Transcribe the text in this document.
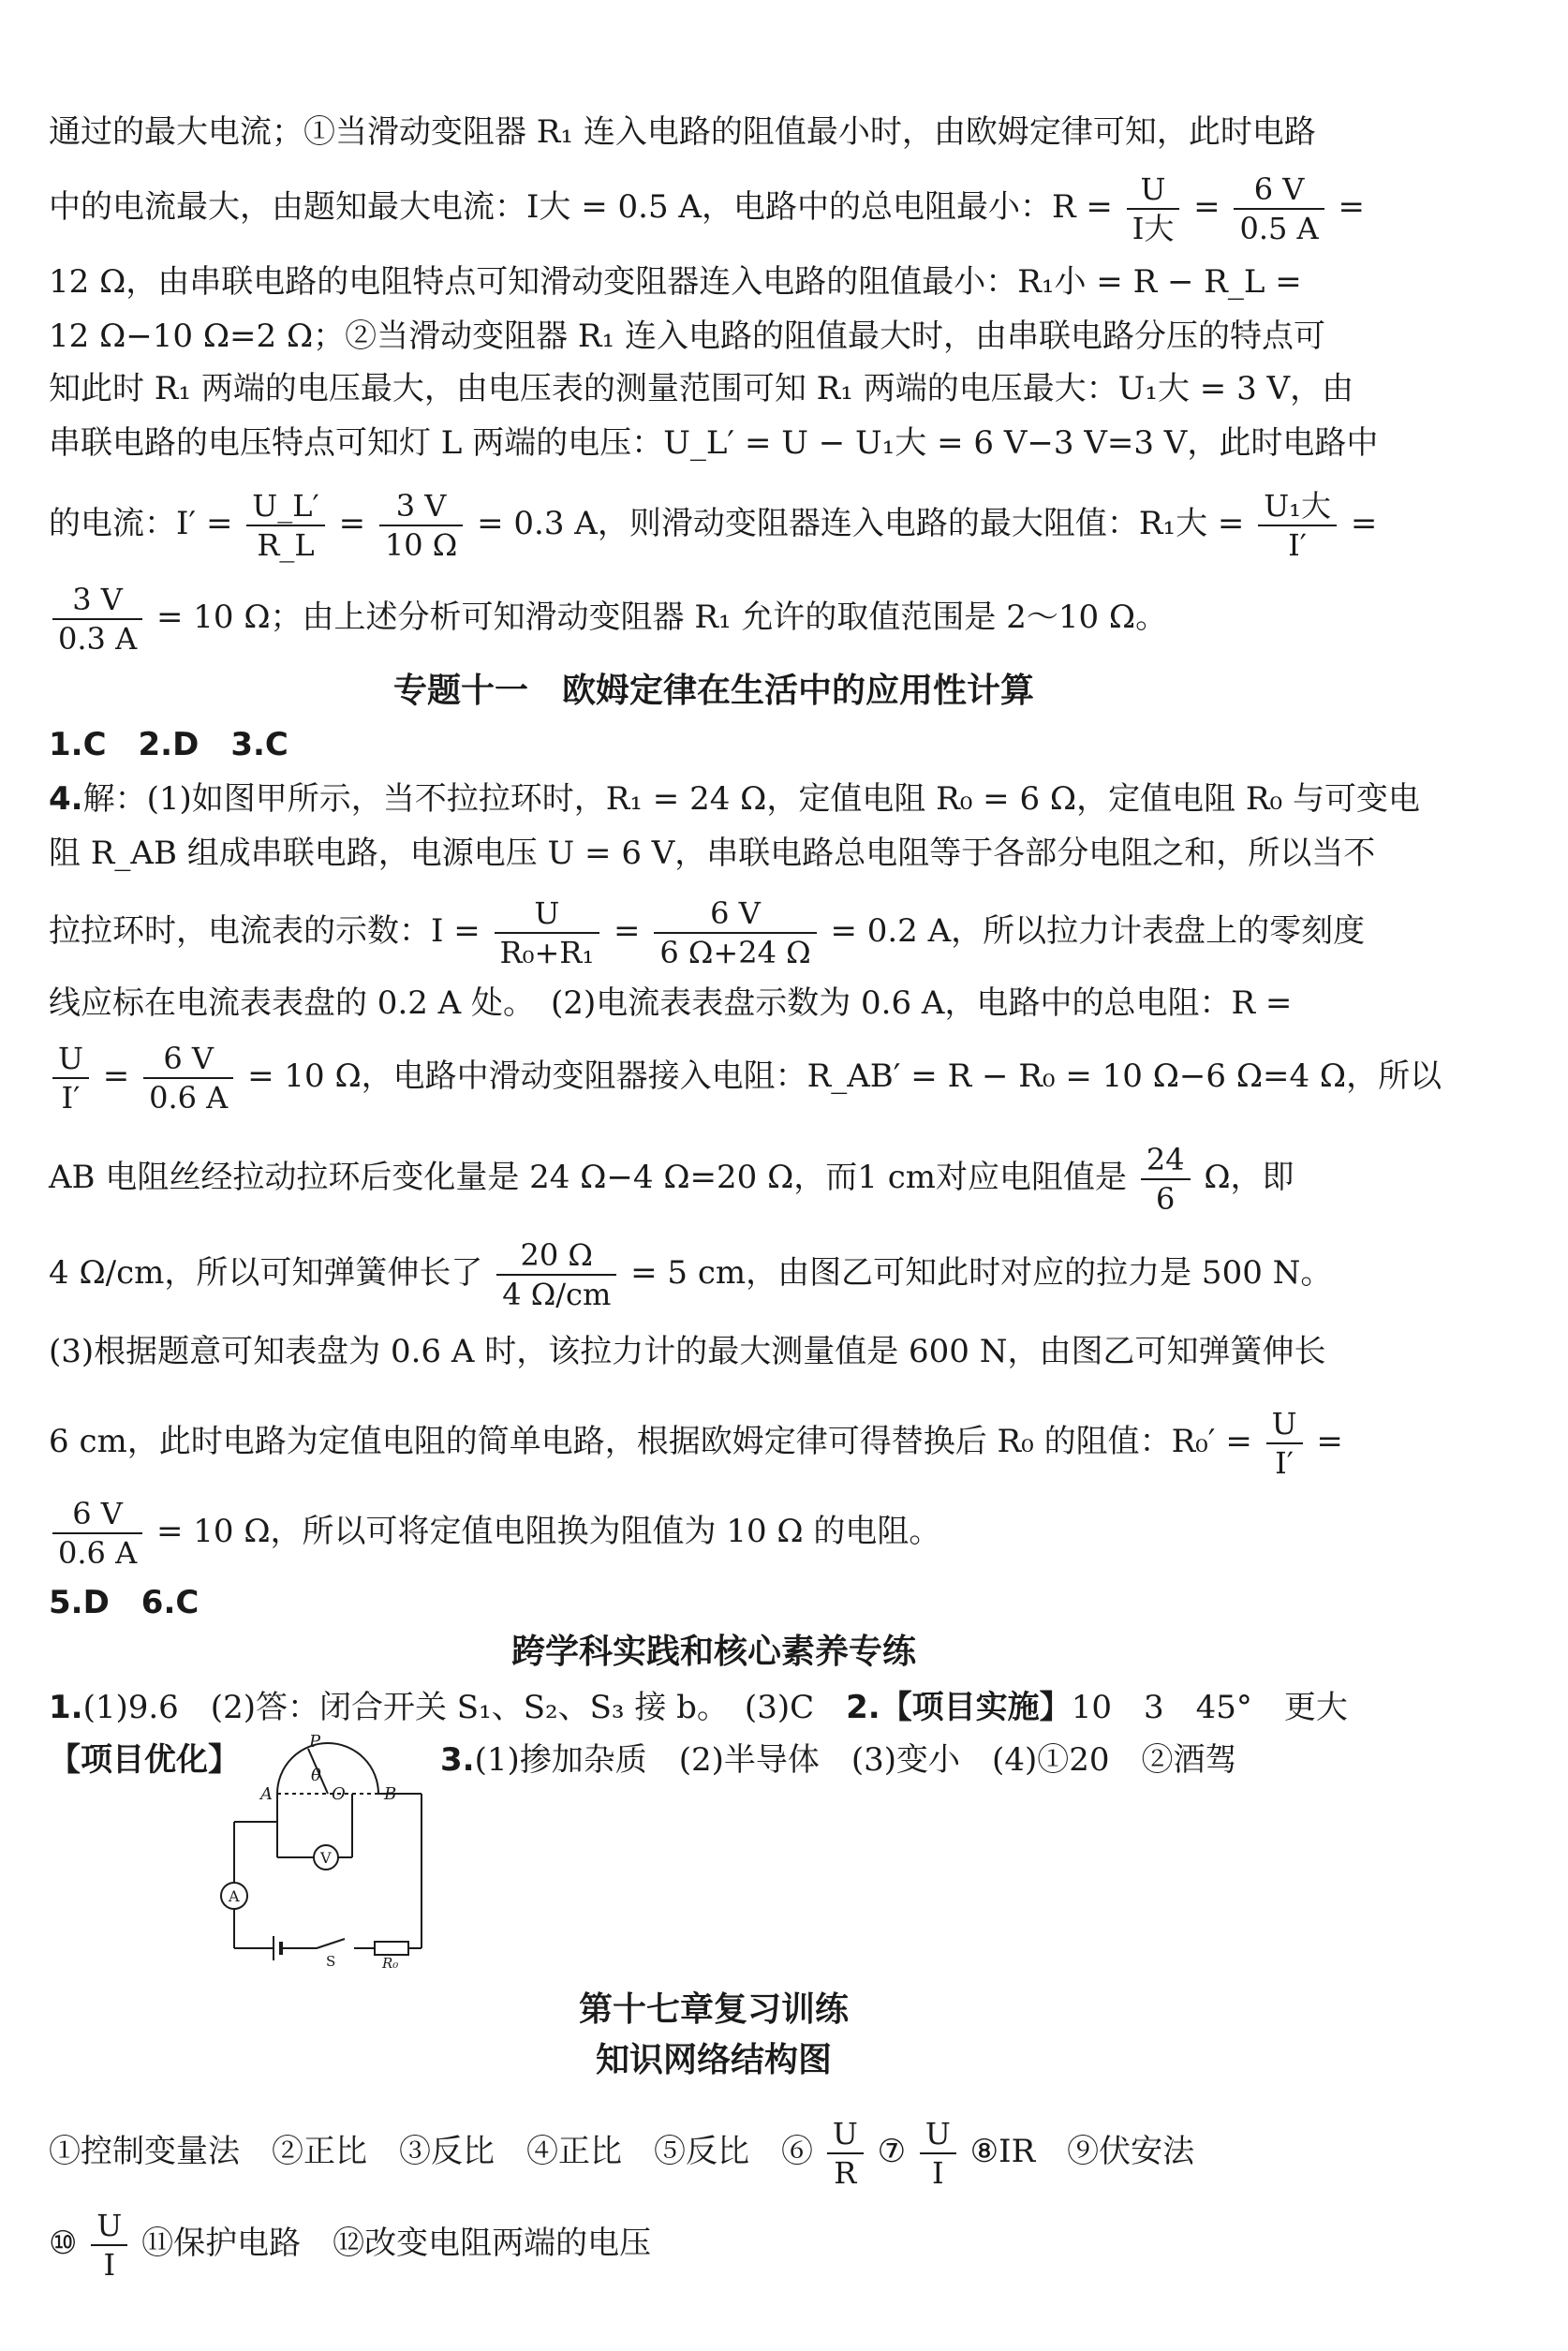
通过的最大电流；①当滑动变阻器 R₁ 连入电路的阻值最小时，由欧姆定律可知，此时电路
中的电流最大，由题知最大电流：I大 = 0.5 A，电路中的总电阻最小：$R = \frac{U}{\text{I大}} = \frac{6 V}{0.5 A}$ =
12 Ω，由串联电路的电阻特点可知滑动变阻器连入电路的阻值最小：R₁小 = R − R_L =
12 Ω−10 Ω=2 Ω；②当滑动变阻器 R₁ 连入电路的阻值最大时，由串联电路分压的特点可
知此时 R₁ 两端的电压最大，由电压表的测量范围可知 R₁ 两端的电压最大：U₁大 = 3 V，由
串联电路的电压特点可知灯 L 两端的电压：U_L′ = U − U₁大 = 6 V−3 V=3 V，此时电路中
的电流：$I' = \frac{U\_L'}{R\_L} = \frac{3 V}{10 \Omega} = 0.3$ A，则滑动变阻器连入电路的最大阻值：R₁大 = $\frac{\text{U₁大}}{I'}$ =
$\frac{3 V}{0.3 A} = 10$ Ω；由上述分析可知滑动变阻器 R₁ 允许的取值范围是 2～10 Ω。
专题十一　欧姆定律在生活中的应用性计算
1.C　2.D　3.C
4.解：(1)如图甲所示，当不拉拉环时，R₁ = 24 Ω，定值电阻 R₀ = 6 Ω，定值电阻 R₀ 与可变电
阻 R_AB 组成串联电路，电源电压 U = 6 V，串联电路总电阻等于各部分电阻之和，所以当不
拉拉环时，电流表的示数：$I = \frac{U}{\text{R₀+R₁}} = \frac{6 V}{6 \Omega+24 \Omega} = 0.2$ A，所以拉力计表盘上的零刻度
线应标在电流表表盘的 0.2 A 处。　(2)电流表表盘示数为 0.6 A，电路中的总电阻：R =
$\frac{U}{I'} = \frac{6 V}{0.6 A} = 10$ Ω，电路中滑动变阻器接入电阻：R_AB′ = R − R₀ = 10 Ω−6 Ω=4 Ω，所以
AB 电阻丝经拉动拉环后变化量是 24 Ω−4 Ω=20 Ω，而1 cm对应电阻值是 $\frac{24}{6}$ Ω，即
4 Ω/cm，所以可知弹簧伸长了 $\frac{20 \Omega}{4 \Omega/cm} = 5$ cm，由图乙可知此时对应的拉力是 500 N。
(3)根据题意可知表盘为 0.6 A 时，该拉力计的最大测量值是 600 N，由图乙可知弹簧伸长
6 cm，此时电路为定值电阻的简单电路，根据欧姆定律可得替换后 R₀ 的阻值：$R_0' = \frac{U}{I'}$ =
$\frac{6 V}{0.6 A} = 10$ Ω，所以可将定值电阻换为阻值为 10 Ω 的电阻。
5.D　6.C
跨学科实践和核心素养专练
1.(1)9.6　(2)答：闭合开关 S₁、S₂、S₃ 接 b。　(3)C　2.【项目实施】10　3　45°　更大
【项目优化】	3.(1)掺加杂质　(2)半导体　(3)变小　(4)①20　②酒驾
P
θ
A	O B
V
A
S	R₀
第十七章复习训练
知识网络结构图
①控制变量法　②正比　③反比　④正比　⑤反比　⑥ $\frac{U}{R}$ ⑦ $\frac{U}{I}$ ⑧IR　⑨伏安法
⑩ $\frac{U}{I}$ ⑪保护电路　⑫改变电阻两端的电压
